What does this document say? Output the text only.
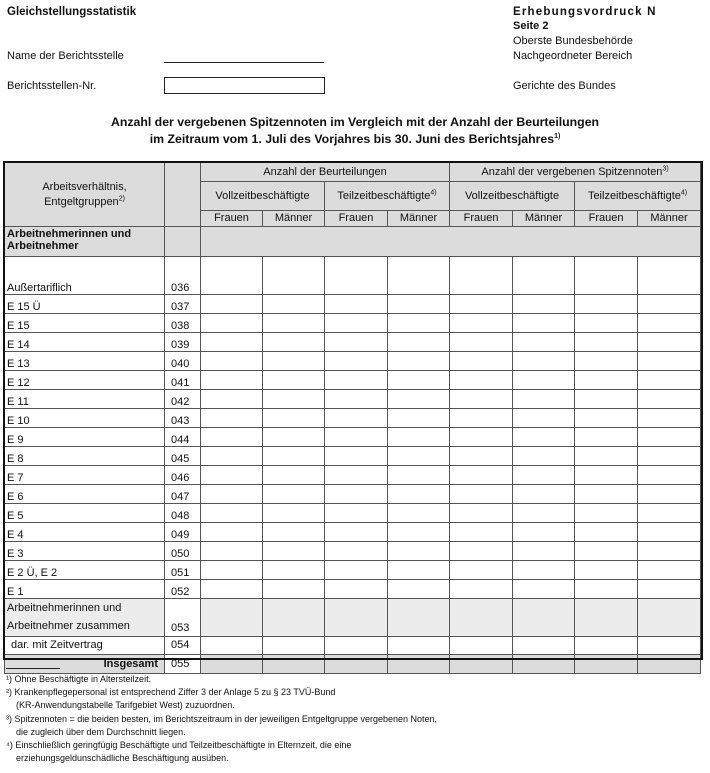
Gleichstellungsstatistik	Erhebungsvordruck N
Seite 2
Oberste Bundesbehörde
Nachgeordneter Bereich
Gerichte des Bundes
Name der Berichtsstelle
Berichtsstellen-Nr.
Anzahl der vergebenen Spitzennoten im Vergleich mit der Anzahl der Beurteilungen
im Zeitraum vom 1. Juli des Vorjahres bis 30. Juni des Berichtsjahres$^{1)}$
Arbeitsverhältnis,
Entgeltgruppen$^{2)}$		Anzahl der Beurteilungen				Anzahl der vergebenen Spitzennoten$^{3)}$
		Vollzeitbeschäftigte		Teilzeitbeschäftigte$^{4)}$		Vollzeitbeschäftigte		Teilzeitbeschäftigte$^{4)}$
		Frauen	Männer	Frauen	Männer	Frauen	Männer	Frauen	Männer
Arbeitnehmerinnen und Arbeitnehmer									
Außertariflich	036								
E 15 Ü	037								
E 15	038								
E 14	039								
E 13	040								
E 12	041								
E 11	042								
E 10	043								
E 9	044								
E 8	045								
E 7	046								
E 6	047								
E 5	048								
E 4	049								
E 3	050								
E 2 Ü, E 2	051								
E 1	052								
Arbeitnehmerinnen und
Arbeitnehmer zusammen	053								
dar. mit Zeitvertrag	054								
Insgesamt	055								
¹) Ohne Beschäftigte in Altersteilzeit.
²) Krankenpflegepersonal ist entsprechend Ziffer 3 der Anlage 5 zu § 23 TVÜ-Bund
(KR-Anwendungstabelle Tarifgebiet West) zuzuordnen.
³) Spitzennoten = die beiden besten, im Berichtszeitraum in der jeweiligen Entgeltgruppe vergebenen Noten,
die zugleich über dem Durchschnitt liegen.
⁴) Einschließlich geringfügig Beschäftigte und Teilzeitbeschäftigte in Elternzeit, die eine
erziehungsgeldunschädliche Beschäftigung ausüben.
